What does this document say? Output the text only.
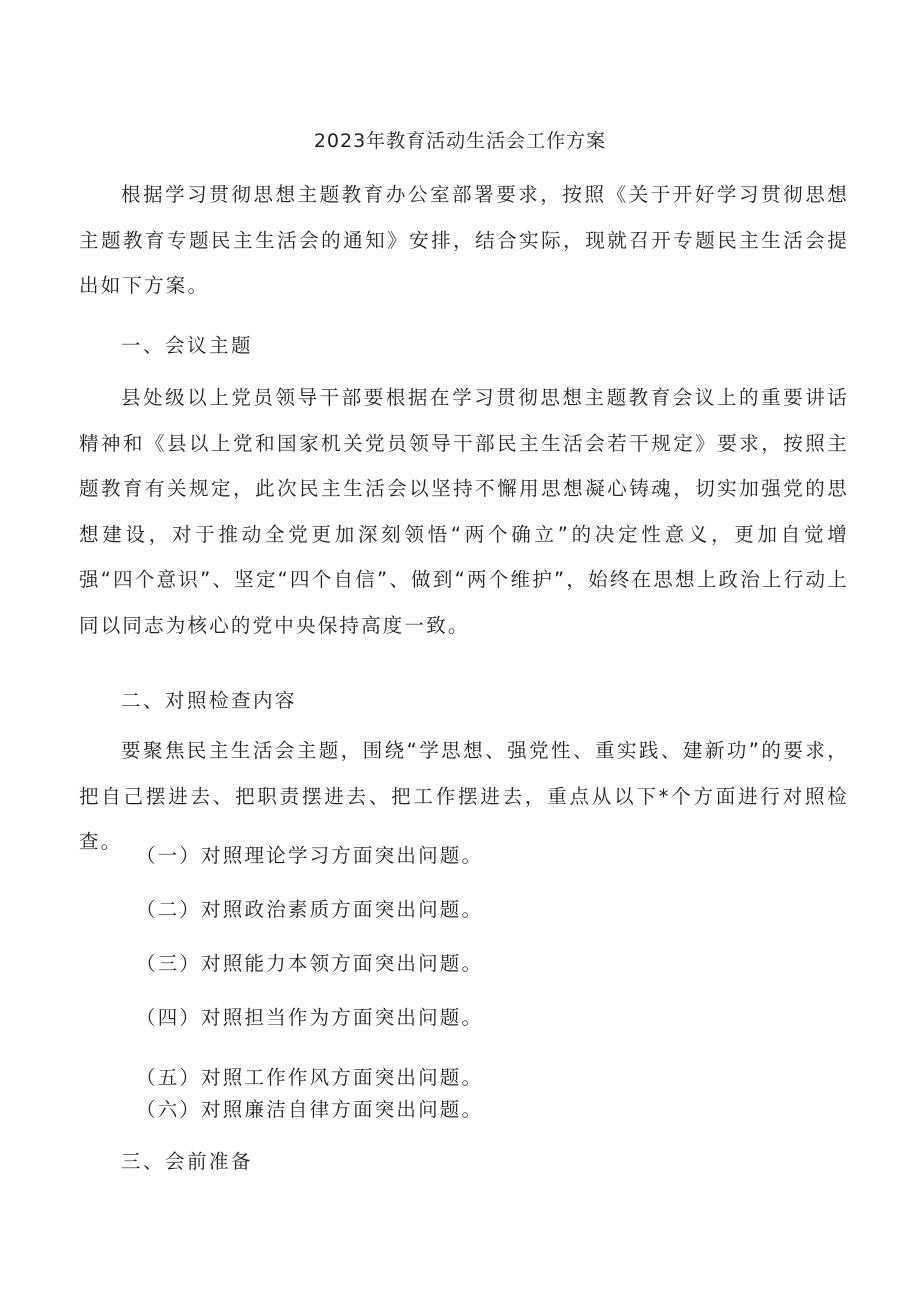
2023年教育活动生活会工作方案

根据学习贯彻思想主题教育办公室部署要求，按照《关于开好学习贯彻思想主题教育专题民主生活会的通知》安排，结合实际，现就召开专题民主生活会提出如下方案。

一、会议主题

县处级以上党员领导干部要根据在学习贯彻思想主题教育会议上的重要讲话精神和《县以上党和国家机关党员领导干部民主生活会若干规定》要求，按照主题教育有关规定，此次民主生活会以坚持不懈用思想凝心铸魂，切实加强党的思想建设，对于推动全党更加深刻领悟“两个确立”的决定性意义，更加自觉增强“四个意识”、坚定“四个自信”、做到“两个维护”，始终在思想上政治上行动上同以同志为核心的党中央保持高度一致。

二、对照检查内容

要聚焦民主生活会主题，围绕“学思想、强党性、重实践、建新功”的要求，把自己摆进去、把职责摆进去、把工作摆进去，重点从以下*个方面进行对照检查。

（一）对照理论学习方面突出问题。

（二）对照政治素质方面突出问题。

（三）对照能力本领方面突出问题。

（四）对照担当作为方面突出问题。

（五）对照工作作风方面突出问题。

（六）对照廉洁自律方面突出问题。

三、会前准备
